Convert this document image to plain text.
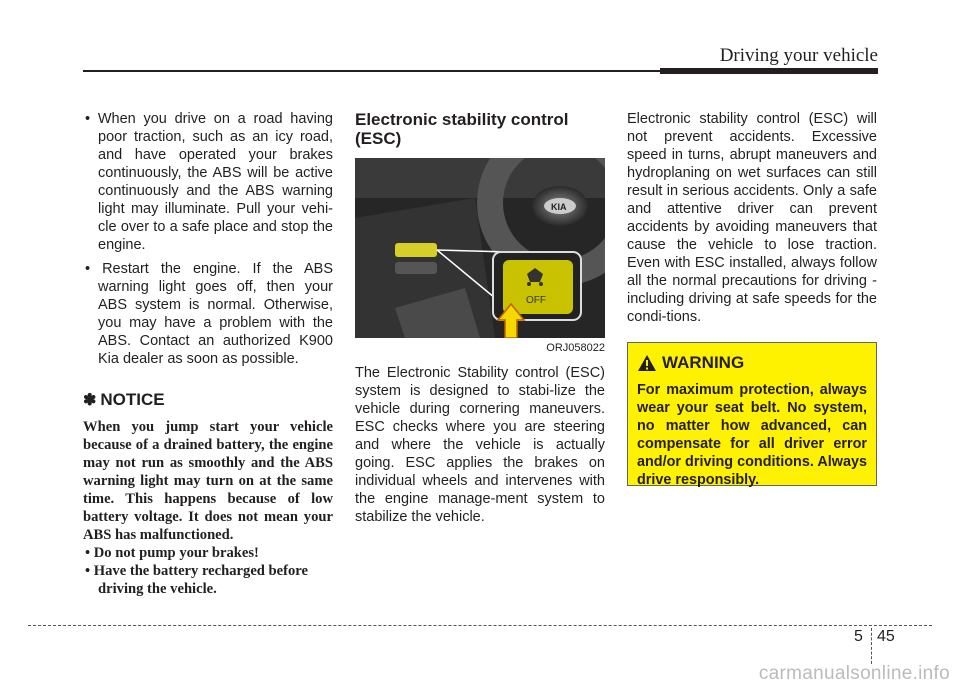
Driving your vehicle

• When you drive on a road having poor traction, such as an icy road, and have operated your brakes continuously, the ABS will be active continuously and the ABS warning light may illuminate. Pull your vehi-cle over to a safe place and stop the engine.

• Restart the engine. If the ABS warning light goes off, then your ABS system is normal. Otherwise, you may have a problem with the ABS. Contact an authorized K900 Kia dealer as soon as possible.

✽ NOTICE

When you jump start your vehicle because of a drained battery, the engine may not run as smoothly and the ABS warning light may turn on at the same time. This happens because of low battery voltage. It does not mean your ABS has malfunctioned.

• Do not pump your brakes!
• Have the battery recharged before driving the vehicle.
Electronic stability control (ESC)
KIA
OFF
ORJ058022

The Electronic Stability control (ESC) system is designed to stabi-lize the vehicle during cornering maneuvers. ESC checks where you are steering and where the vehicle is actually going. ESC applies the brakes on individual wheels and intervenes with the engine manage-ment system to stabilize the vehicle.

Electronic stability control (ESC) will not prevent accidents. Excessive speed in turns, abrupt maneuvers and hydroplaning on wet surfaces can still result in serious accidents. Only a safe and attentive driver can prevent accidents by avoiding maneuvers that cause the vehicle to lose traction. Even with ESC installed, always follow all the normal precautions for driving - including driving at safe speeds for the condi-tions.

WARNING

For maximum protection, always wear your seat belt. No system, no matter how advanced, can compensate for all driver error and/or driving conditions. Always drive responsibly.

5 45
carmanualsonline.info
